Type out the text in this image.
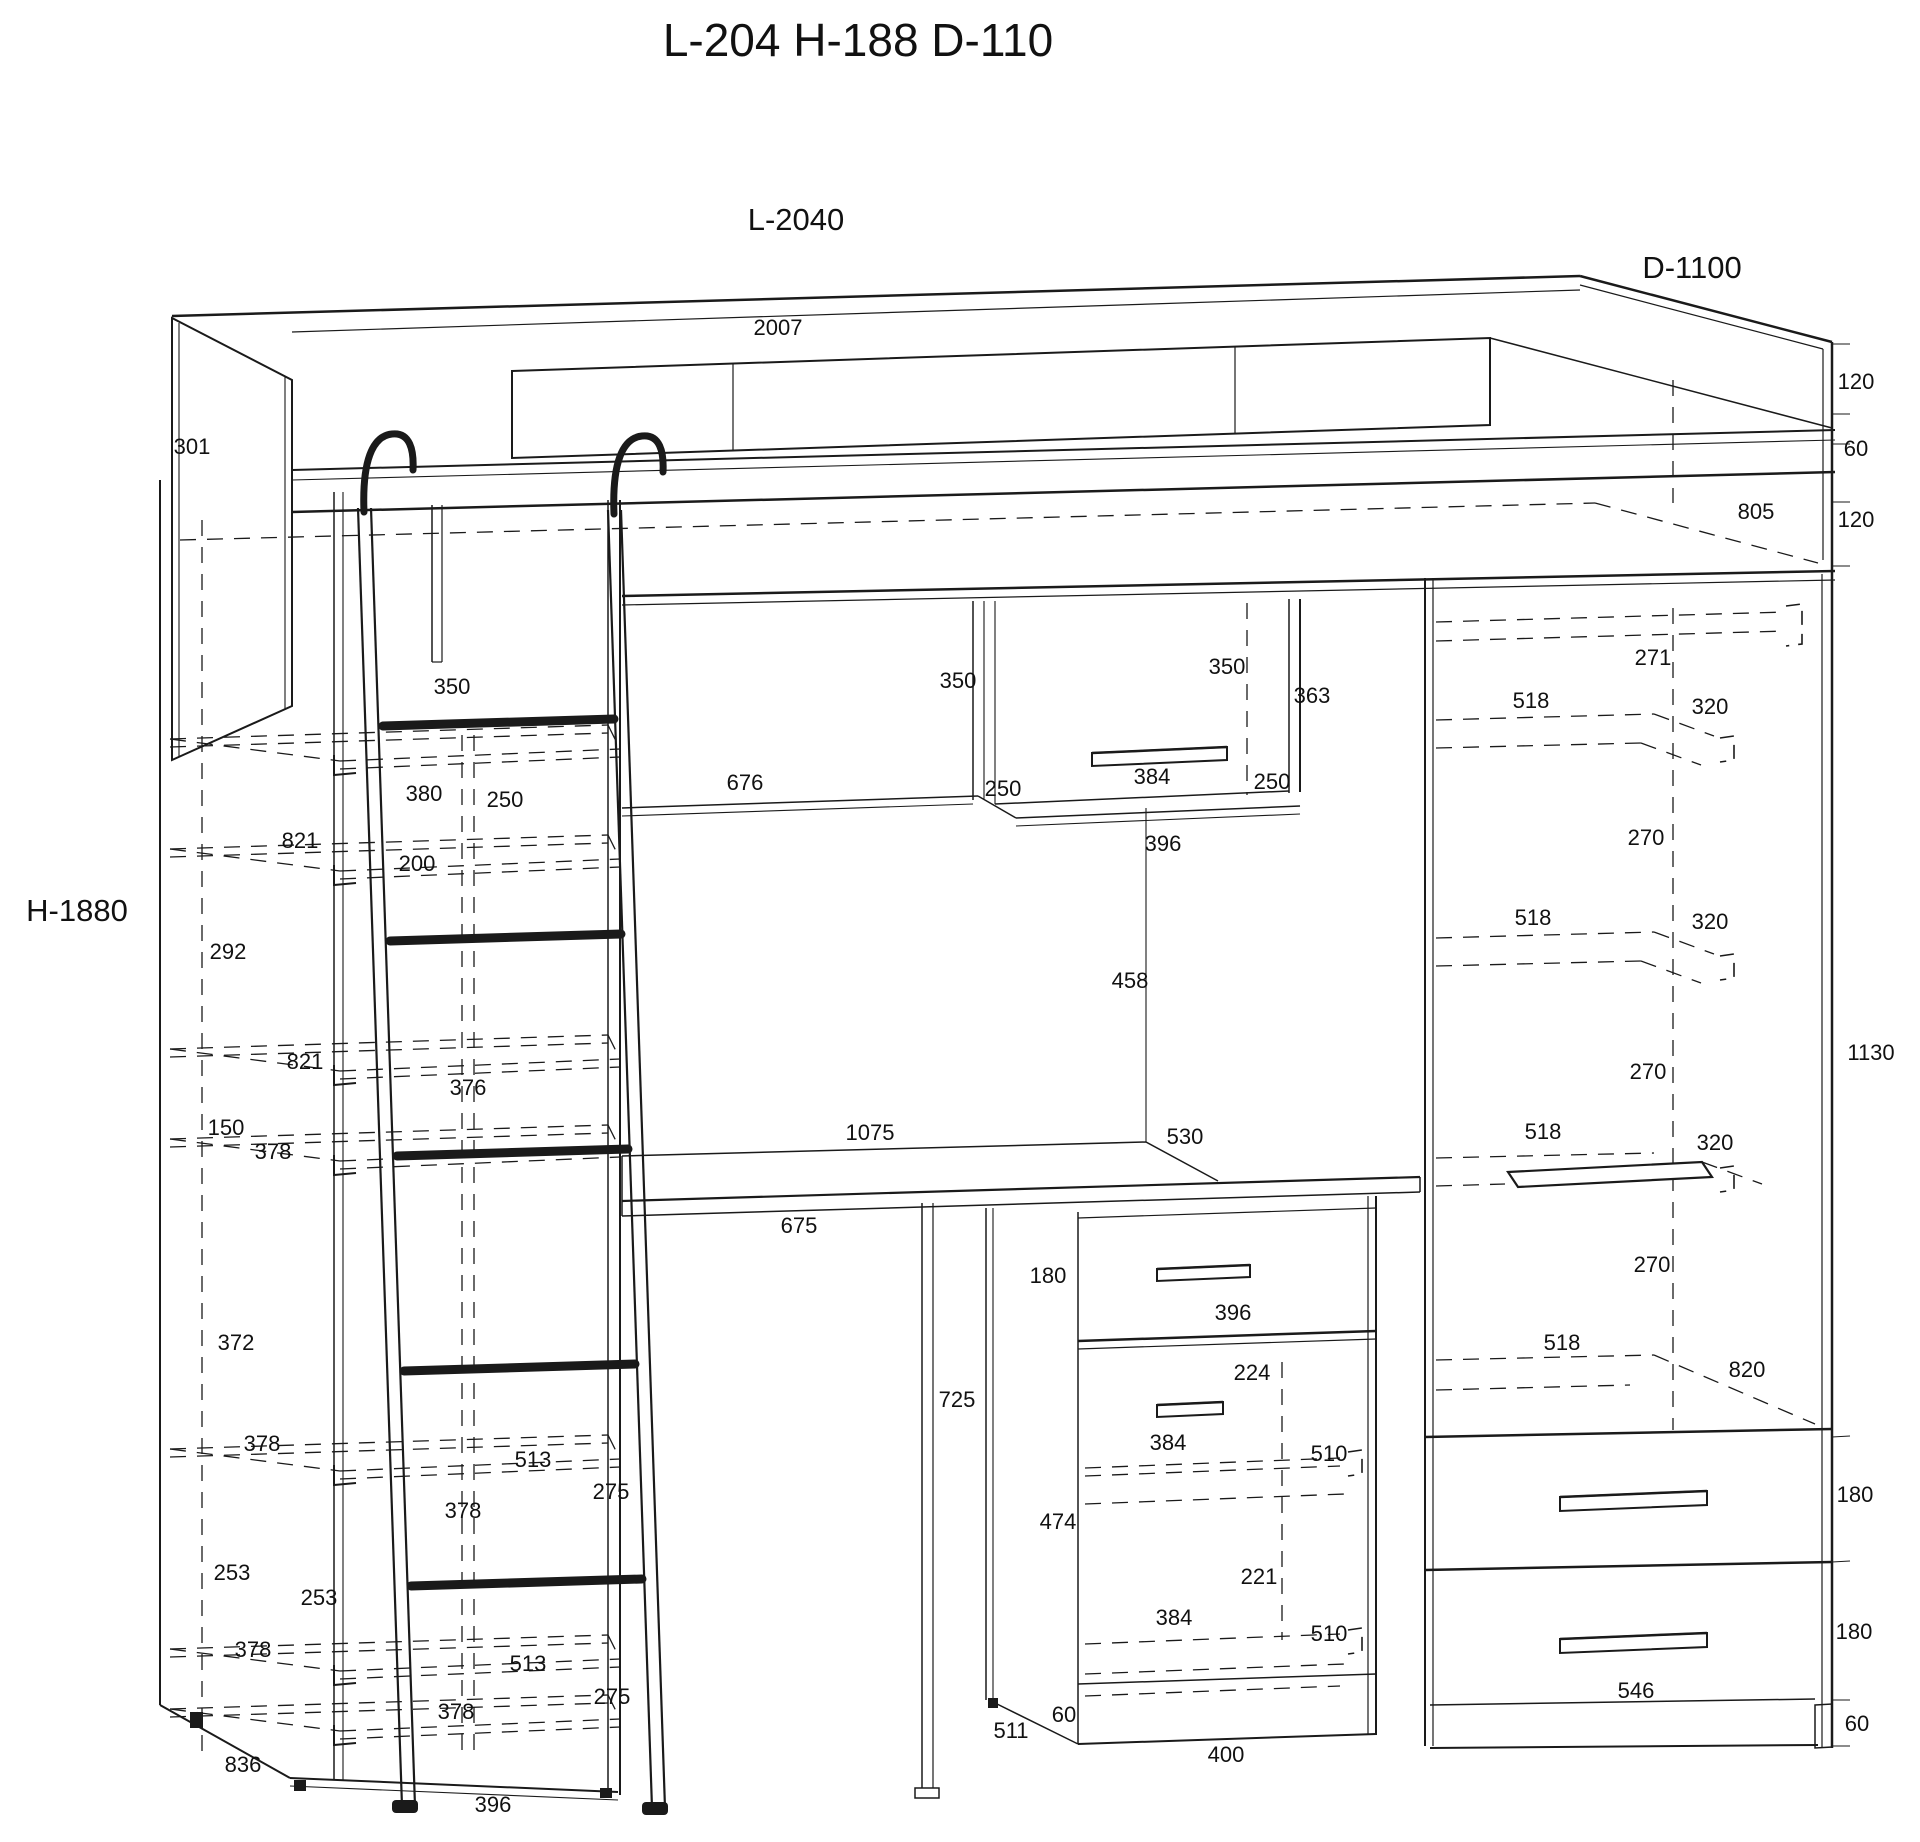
L-204 H-188 D-110
L-2040
D-1100
H-1880
2007
301
120
60
805	120
350
380 250
821
200
292
821
376
150
378
372
378
513
275
378
253
253
378
513
275
378
836
396
676
350
250
350
363
384	250
396
458
1075	530
675
180
396
725
224
384	510
474
221
384
510
60
511
400
271
518	320
270
518	320
1130
270
518	320
270
518
820
180
180
546
60
